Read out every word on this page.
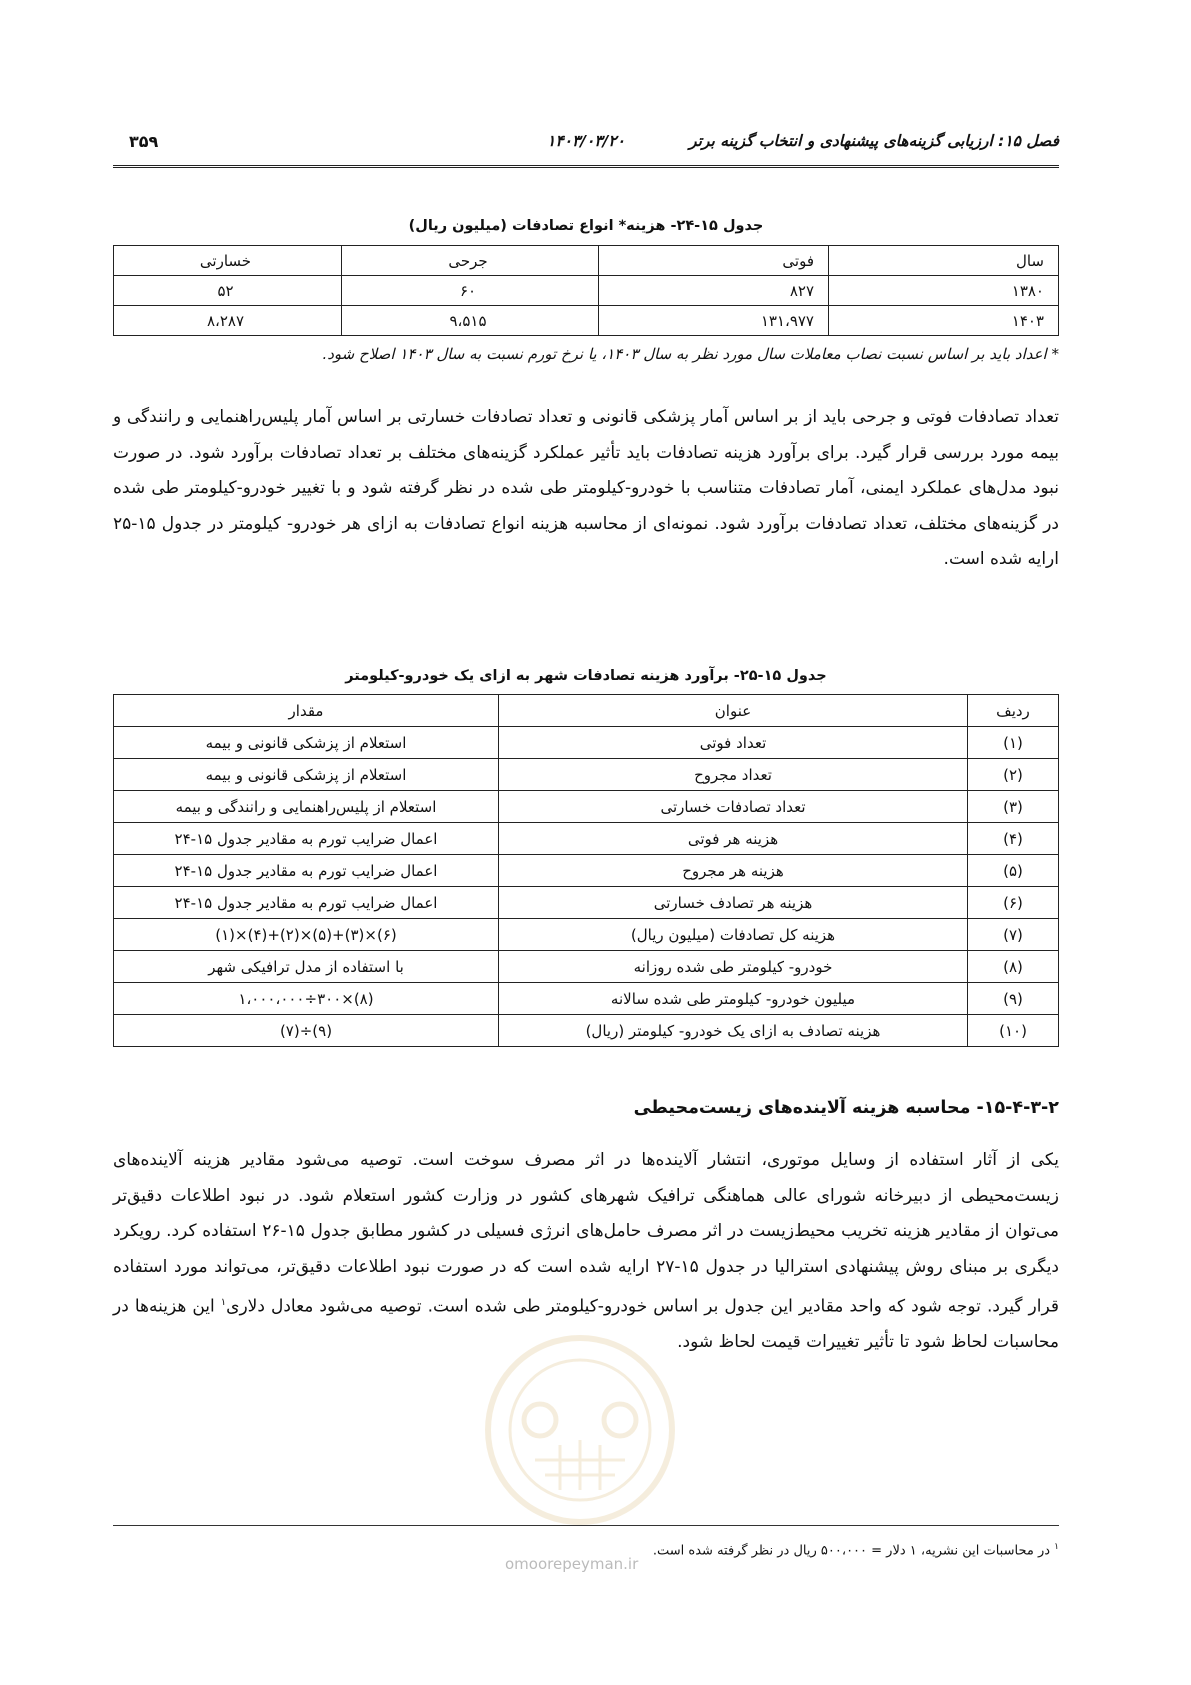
فصل ۱۵: ارزیابی گزینه‌های پیشنهادی و انتخاب گزینه برتر
۱۴۰۳/۰۳/۲۰
۳۵۹
جدول ۱۵-۲۴- هزینه* انواع تصادفات (میلیون ریال)
سال	فوتی	جرحی	خسارتی
۱۳۸۰	۸۲۷	۶۰	۵۲
۱۴۰۳	۱۳۱،۹۷۷	۹،۵۱۵	۸،۲۸۷
* اعداد باید بر اساس نسبت نصاب معاملات سال مورد نظر به سال ۱۴۰۳، یا نرخ تورم نسبت به سال ۱۴۰۳ اصلاح شود.
تعداد تصادفات فوتی و جرحی باید از بر اساس آمار پزشکی قانونی و تعداد تصادفات خسارتی بر اساس آمار پلیس‌راهنمایی و رانندگی و بیمه مورد بررسی قرار گیرد. برای برآورد هزینه تصادفات باید تأثیر عملکرد گزینه‌های مختلف بر تعداد تصادفات برآورد شود. در صورت نبود مدل‌های عملکرد ایمنی، آمار تصادفات متناسب با خودرو-کیلومتر طی شده در نظر گرفته شود و با تغییر خودرو-کیلومتر طی شده در گزینه‌های مختلف، تعداد تصادفات برآورد شود. نمونه‌ای از محاسبه هزینه انواع تصادفات به ازای هر خودرو- کیلومتر در جدول ۱۵-۲۵ ارایه شده است.
جدول ۱۵-۲۵- برآورد هزینه تصادفات شهر به ازای یک خودرو-کیلومتر
ردیف	عنوان	مقدار
(۱)	تعداد فوتی	استعلام از پزشکی قانونی و بیمه
(۲)	تعداد مجروح	استعلام از پزشکی قانونی و بیمه
(۳)	تعداد تصادفات خسارتی	استعلام از پلیس‌راهنمایی و رانندگی و بیمه
(۴)	هزینه هر فوتی	اعمال ضرایب تورم به مقادیر جدول ۱۵-۲۴
(۵)	هزینه هر مجروح	اعمال ضرایب تورم به مقادیر جدول ۱۵-۲۴
(۶)	هزینه هر تصادف خسارتی	اعمال ضرایب تورم به مقادیر جدول ۱۵-۲۴
(۷)	هزینه کل تصادفات (میلیون ریال)	(۶)×(۳)+(۵)×(۲)+(۴)×(۱)
(۸)	خودرو- کیلومتر طی شده روزانه	با استفاده از مدل ترافیکی شهر
(۹)	میلیون خودرو- کیلومتر طی شده سالانه	(۸)×۳۰۰÷۱،۰۰۰،۰۰۰
(۱۰)	هزینه تصادف به ازای یک خودرو- کیلومتر (ریال)	(۹)÷(۷)
۱۵-۴-۳-۲- محاسبه هزینه آلاینده‌های زیست‌محیطی
یکی از آثار استفاده از وسایل موتوری، انتشار آلاینده‌ها در اثر مصرف سوخت است. توصیه می‌شود مقادیر هزینه آلاینده‌های زیست‌محیطی از دبیرخانه شورای عالی هماهنگی ترافیک شهرهای کشور در وزارت کشور استعلام شود. در نبود اطلاعات دقیق‌تر می‌توان از مقادیر هزینه تخریب محیط‌زیست در اثر مصرف حامل‌های انرژی فسیلی در کشور مطابق جدول ۱۵-۲۶ استفاده کرد. رویکرد دیگری بر مبنای روش پیشنهادی استرالیا در جدول ۱۵-۲۷ ارایه شده است که در صورت نبود اطلاعات دقیق‌تر، می‌تواند مورد استفاده قرار گیرد. توجه شود که واحد مقادیر این جدول بر اساس خودرو-کیلومتر طی شده است. توصیه می‌شود معادل دلاری$^۱$ این هزینه‌ها در محاسبات لحاظ شود تا تأثیر تغییرات قیمت لحاظ شود.
omoorepeyman.ir
$^۱$ در محاسبات این نشریه، ۱ دلار = ۵۰۰،۰۰۰ ریال در نظر گرفته شده است.
